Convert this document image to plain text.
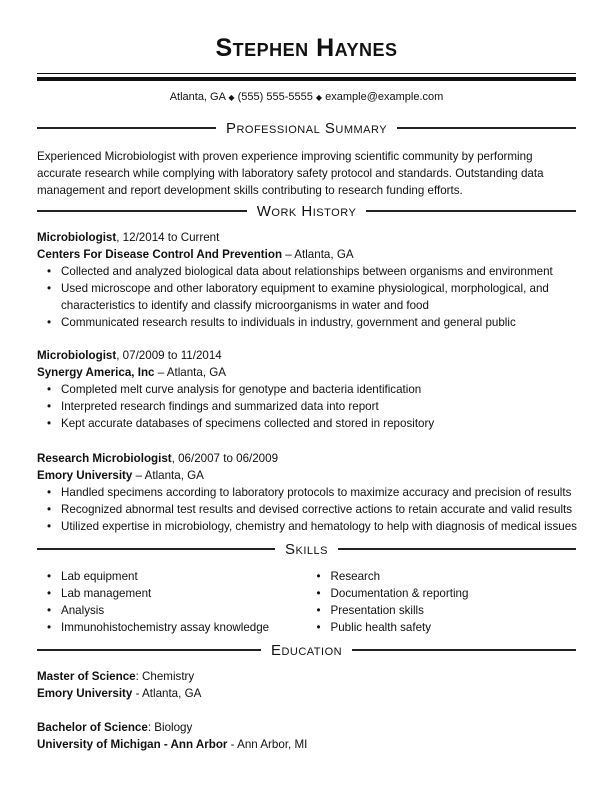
Stephen Haynes
Atlanta, GA ◆ (555) 555-5555 ◆ example@example.com
Professional Summary

Experienced Microbiologist with proven experience improving scientific community by performing accurate research while complying with laboratory safety protocol and standards. Outstanding data management and report development skills contributing to research funding efforts.

Work History
Microbiologist, 12/2014 to Current
Centers For Disease Control And Prevention – Atlanta, GA
• Collected and analyzed biological data about relationships between organisms and environment
• Used microscope and other laboratory equipment to examine physiological, morphological, and characteristics to identify and classify microorganisms in water and food
• Communicated research results to individuals in industry, government and general public
Microbiologist, 07/2009 to 11/2014
Synergy America, Inc – Atlanta, GA
• Completed melt curve analysis for genotype and bacteria identification
• Interpreted research findings and summarized data into report
• Kept accurate databases of specimens collected and stored in repository
Research Microbiologist, 06/2007 to 06/2009
Emory University – Atlanta, GA
• Handled specimens according to laboratory protocols to maximize accuracy and precision of results
• Recognized abnormal test results and devised corrective actions to retain accurate and valid results
• Utilized expertise in microbiology, chemistry and hematology to help with diagnosis of medical issues
Skills
• Lab equipment
• Lab management
• Analysis
• Immunohistochemistry assay knowledge
• Research
• Documentation & reporting
• Presentation skills
• Public health safety
Education
Master of Science: Chemistry
Emory University - Atlanta, GA
Bachelor of Science: Biology
University of Michigan - Ann Arbor - Ann Arbor, MI
